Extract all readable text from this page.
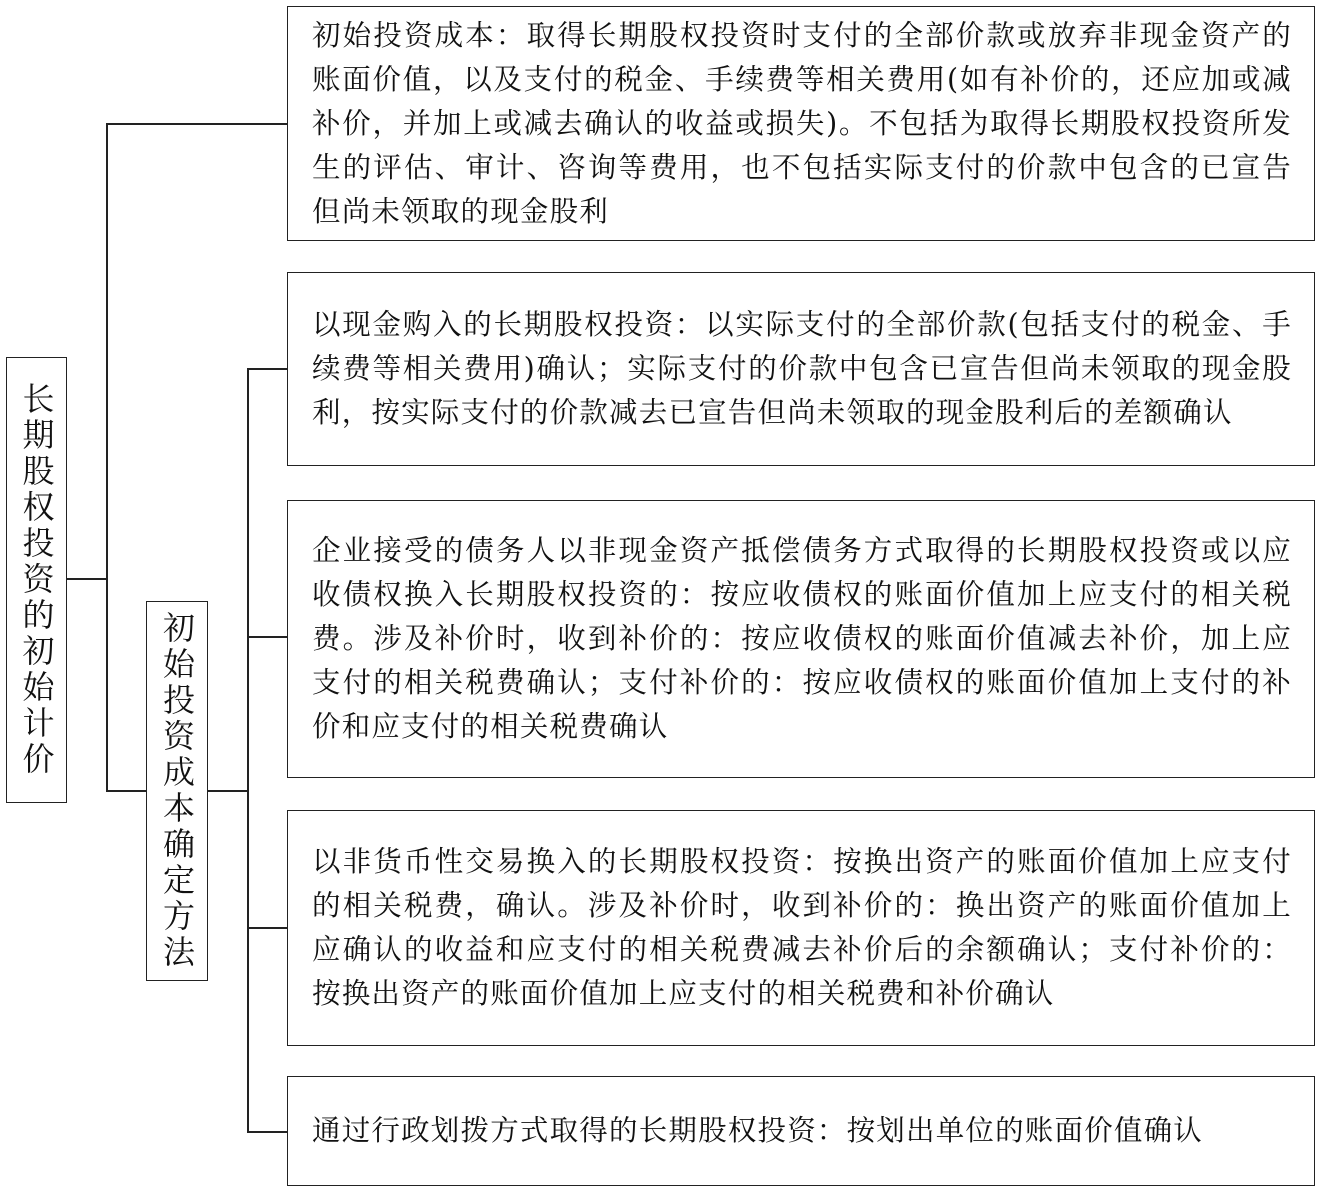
长期股权投资的初始计价
初始投资成本：取得长期股权投资时支付的全部价款或放弃非现金资产的账面价值，以及支付的税金、手续费等相关费用(如有补价的，还应加或减补价，并加上或减去确认的收益或损失)。不包括为取得长期股权投资所发生的评估、审计、咨询等费用，也不包括实际支付的价款中包含的已宣告但尚未领取的现金股利
初始投资成本确定方法
以现金购入的长期股权投资：以实际支付的全部价款(包括支付的税金、手续费等相关费用)确认；实际支付的价款中包含已宣告但尚未领取的现金股利，按实际支付的价款减去已宣告但尚未领取的现金股利后的差额确认
企业接受的债务人以非现金资产抵偿债务方式取得的长期股权投资或以应收债权换入长期股权投资的：按应收债权的账面价值加上应支付的相关税费。涉及补价时，收到补价的：按应收债权的账面价值减去补价，加上应支付的相关税费确认；支付补价的：按应收债权的账面价值加上支付的补价和应支付的相关税费确认
以非货币性交易换入的长期股权投资：按换出资产的账面价值加上应支付的相关税费，确认。涉及补价时，收到补价的：换出资产的账面价值加上应确认的收益和应支付的相关税费减去补价后的余额确认；支付补价的：按换出资产的账面价值加上应支付的相关税费和补价确认
通过行政划拨方式取得的长期股权投资：按划出单位的账面价值确认
